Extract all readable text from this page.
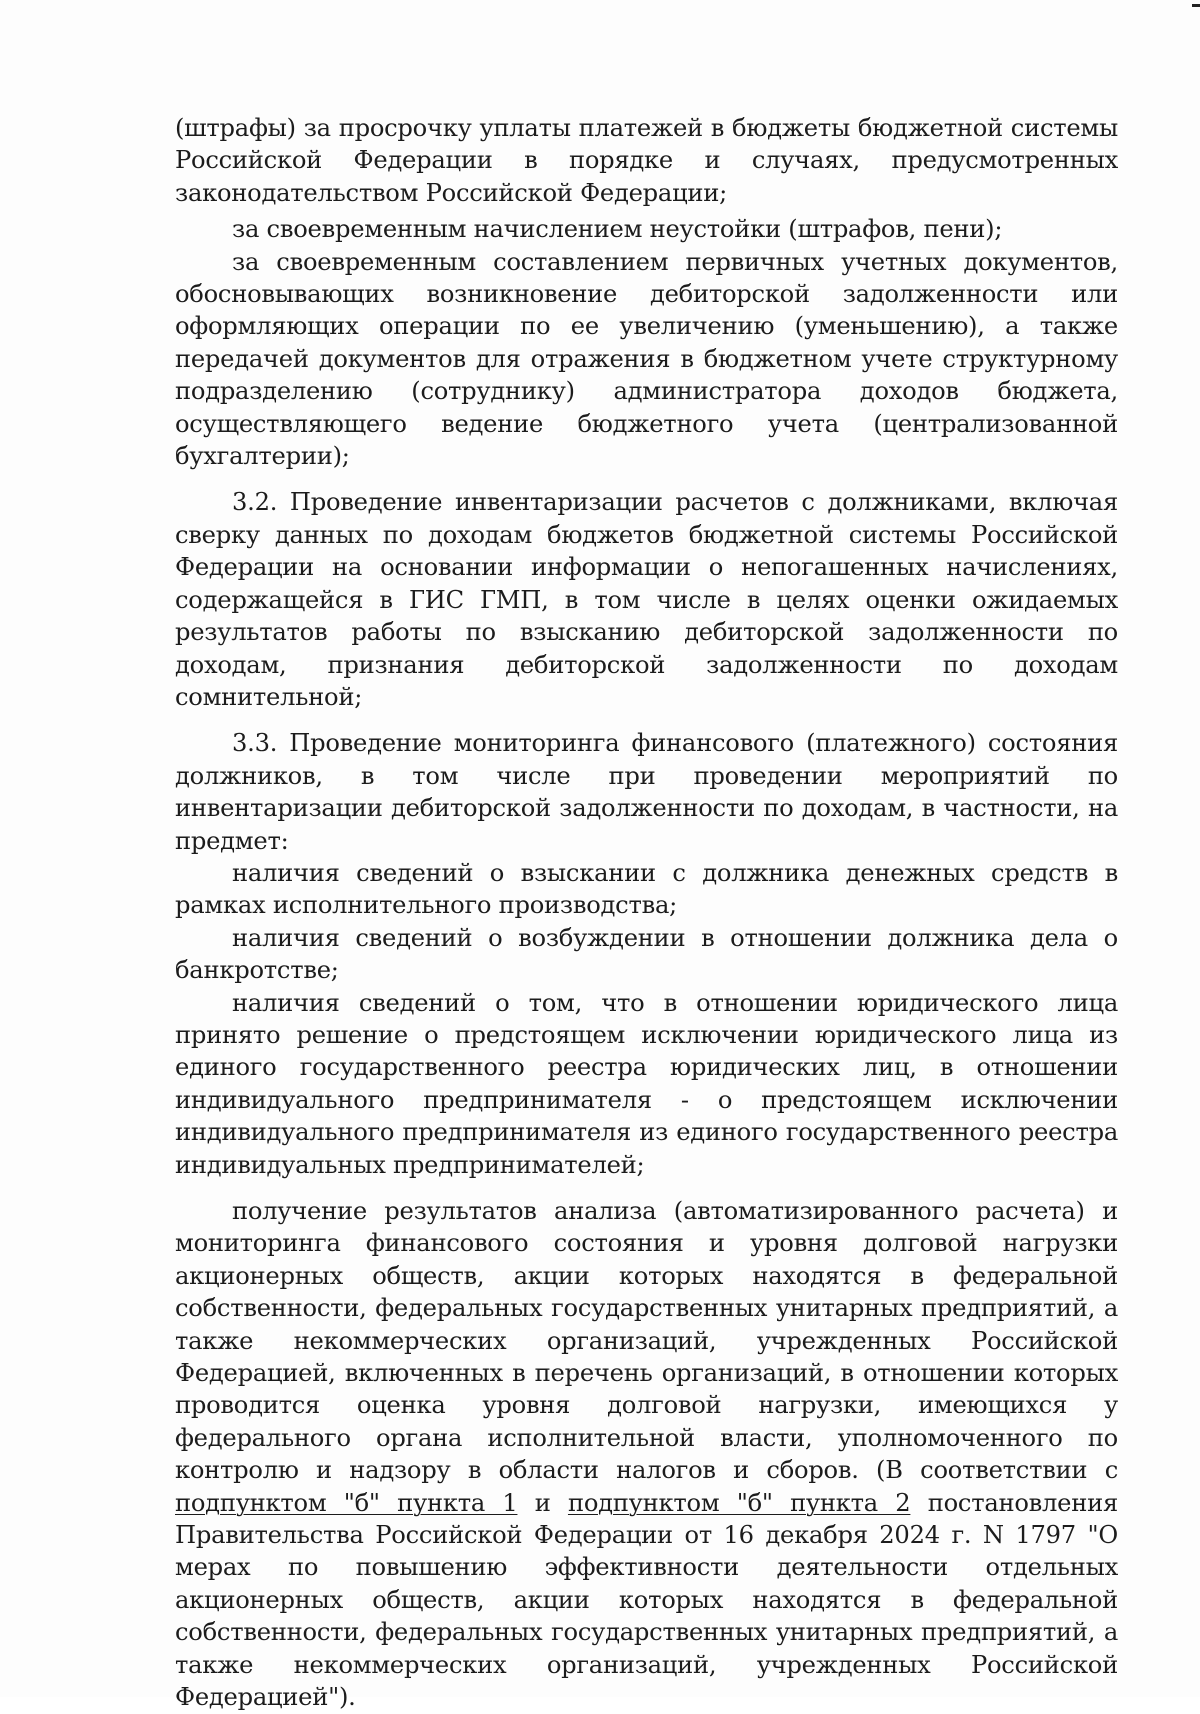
(штрафы) за просрочку уплаты платежей в бюджеты бюджетной системы Российской Федерации в порядке и случаях, предусмотренных законодательством Российской Федерации;

за своевременным начислением неустойки (штрафов, пени);

за своевременным составлением первичных учетных документов, обосновывающих возникновение дебиторской задолженности или оформляющих операции по ее увеличению (уменьшению), а также передачей документов для отражения в бюджетном учете структурному подразделению (сотруднику) администратора доходов бюджета, осуществляющего ведение бюджетного учета (централизованной бухгалтерии);

3.2. Проведение инвентаризации расчетов с должниками, включая сверку данных по доходам бюджетов бюджетной системы Российской Федерации на основании информации о непогашенных начислениях, содержащейся в ГИС ГМП, в том числе в целях оценки ожидаемых результатов работы по взысканию дебиторской задолженности по доходам, признания дебиторской задолженности по доходам сомнительной;

3.3. Проведение мониторинга финансового (платежного) состояния должников, в том числе при проведении мероприятий по инвентаризации дебиторской задолженности по доходам, в частности, на предмет:

наличия сведений о взыскании с должника денежных средств в рамках исполнительного производства;

наличия сведений о возбуждении в отношении должника дела о банкротстве;

наличия сведений о том, что в отношении юридического лица принято решение о предстоящем исключении юридического лица из единого государственного реестра юридических лиц, в отношении индивидуального предпринимателя - о предстоящем исключении индивидуального предпринимателя из единого государственного реестра индивидуальных предпринимателей;

получение результатов анализа (автоматизированного расчета) и мониторинга финансового состояния и уровня долговой нагрузки акционерных обществ, акции которых находятся в федеральной собственности, федеральных государственных унитарных предприятий, а также некоммерческих организаций, учрежденных Российской Федерацией, включенных в перечень организаций, в отношении которых проводится оценка уровня долговой нагрузки, имеющихся у федерального органа исполнительной власти, уполномоченного по контролю и надзору в области налогов и сборов. (В соответствии с подпунктом "б" пункта 1 и подпунктом "б" пункта 2 постановления Правительства Российской Федерации от 16 декабря 2024 г. N 1797 "О мерах по повышению эффективности деятельности отдельных акционерных обществ, акции которых находятся в федеральной собственности, федеральных государственных унитарных предприятий, а также некоммерческих организаций, учрежденных Российской Федерацией").
